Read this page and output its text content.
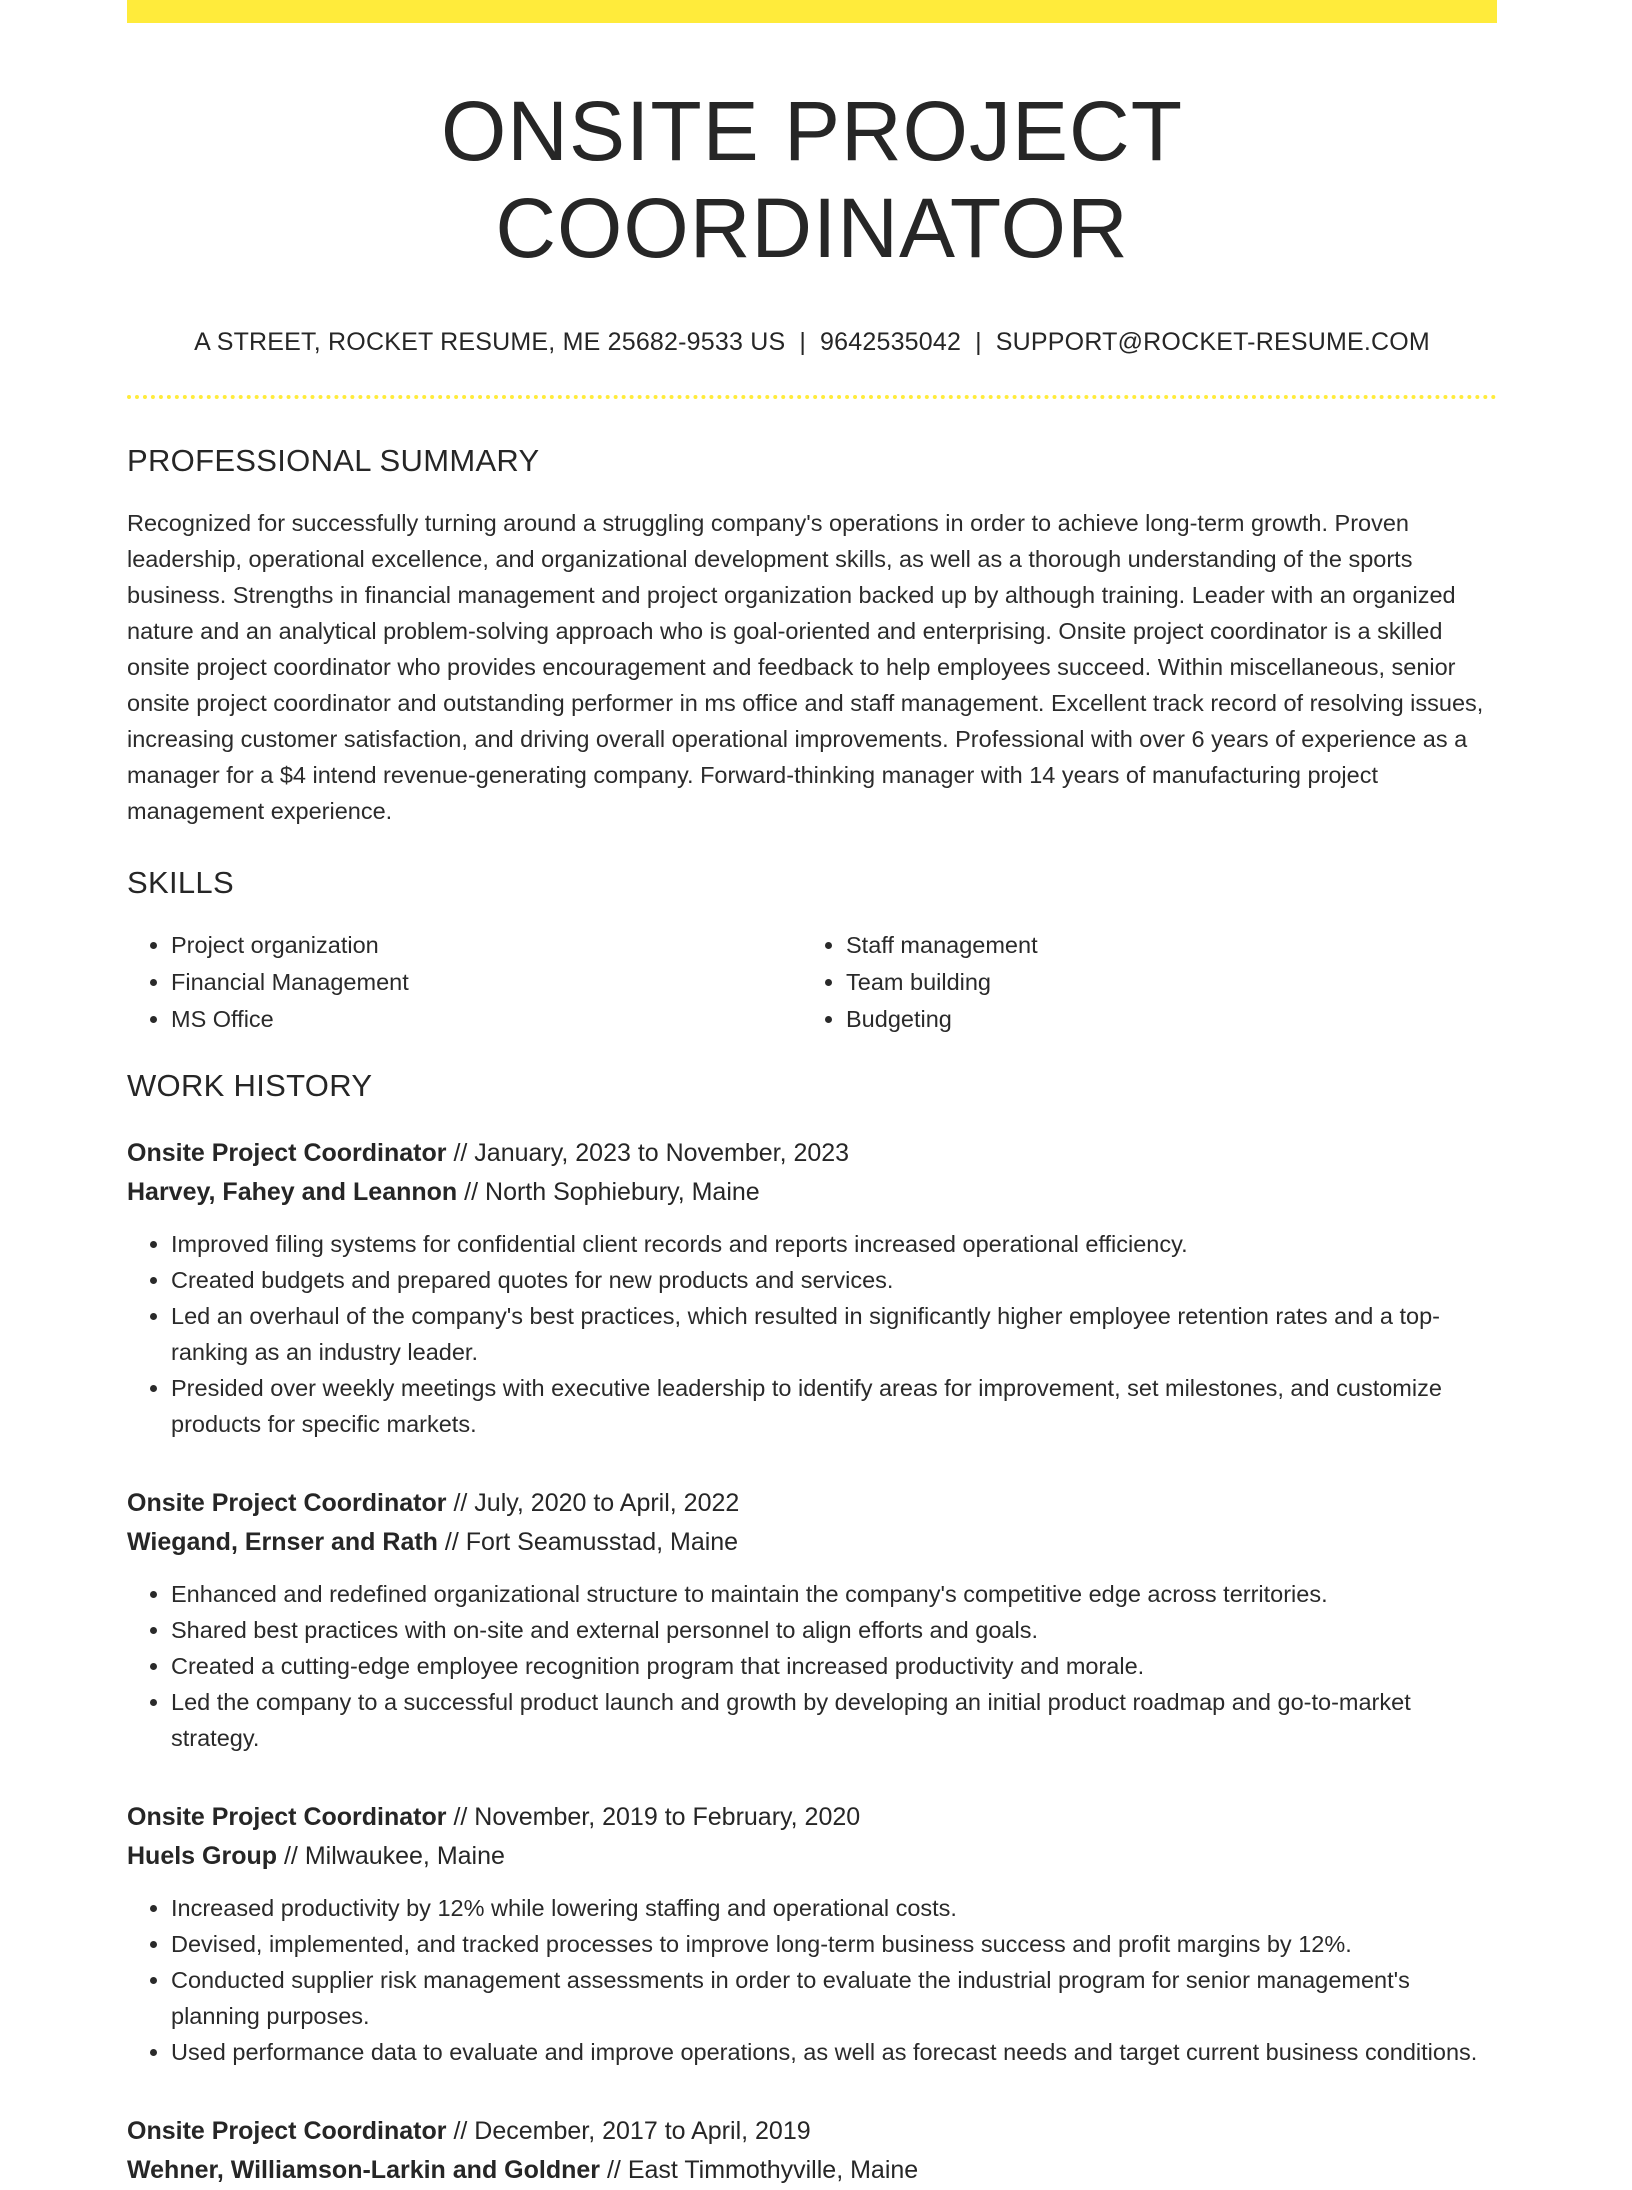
ONSITE PROJECT COORDINATOR
A STREET, ROCKET RESUME, ME 25682-9533 US | 9642535042 | SUPPORT@ROCKET-RESUME.COM
PROFESSIONAL SUMMARY
Recognized for successfully turning around a struggling company's operations in order to achieve long-term growth. Proven leadership, operational excellence, and organizational development skills, as well as a thorough understanding of the sports business. Strengths in financial management and project organization backed up by although training. Leader with an organized nature and an analytical problem-solving approach who is goal-oriented and enterprising. Onsite project coordinator is a skilled onsite project coordinator who provides encouragement and feedback to help employees succeed. Within miscellaneous, senior onsite project coordinator and outstanding performer in ms office and staff management. Excellent track record of resolving issues, increasing customer satisfaction, and driving overall operational improvements. Professional with over 6 years of experience as a manager for a $4 intend revenue-generating company. Forward-thinking manager with 14 years of manufacturing project management experience.
SKILLS
• Project organization
• Financial Management
• MS Office
• Staff management
• Team building
• Budgeting
WORK HISTORY
Onsite Project Coordinator // January, 2023 to November, 2023
Harvey, Fahey and Leannon // North Sophiebury, Maine
• Improved filing systems for confidential client records and reports increased operational efficiency.
• Created budgets and prepared quotes for new products and services.
• Led an overhaul of the company's best practices, which resulted in significantly higher employee retention rates and a top-ranking as an industry leader.
• Presided over weekly meetings with executive leadership to identify areas for improvement, set milestones, and customize products for specific markets.
Onsite Project Coordinator // July, 2020 to April, 2022
Wiegand, Ernser and Rath // Fort Seamusstad, Maine
• Enhanced and redefined organizational structure to maintain the company's competitive edge across territories.
• Shared best practices with on-site and external personnel to align efforts and goals.
• Created a cutting-edge employee recognition program that increased productivity and morale.
• Led the company to a successful product launch and growth by developing an initial product roadmap and go-to-market strategy.
Onsite Project Coordinator // November, 2019 to February, 2020
Huels Group // Milwaukee, Maine
• Increased productivity by 12% while lowering staffing and operational costs.
• Devised, implemented, and tracked processes to improve long-term business success and profit margins by 12%.
• Conducted supplier risk management assessments in order to evaluate the industrial program for senior management's planning purposes.
• Used performance data to evaluate and improve operations, as well as forecast needs and target current business conditions.
Onsite Project Coordinator // December, 2017 to April, 2019
Wehner, Williamson-Larkin and Goldner // East Timmothyville, Maine
